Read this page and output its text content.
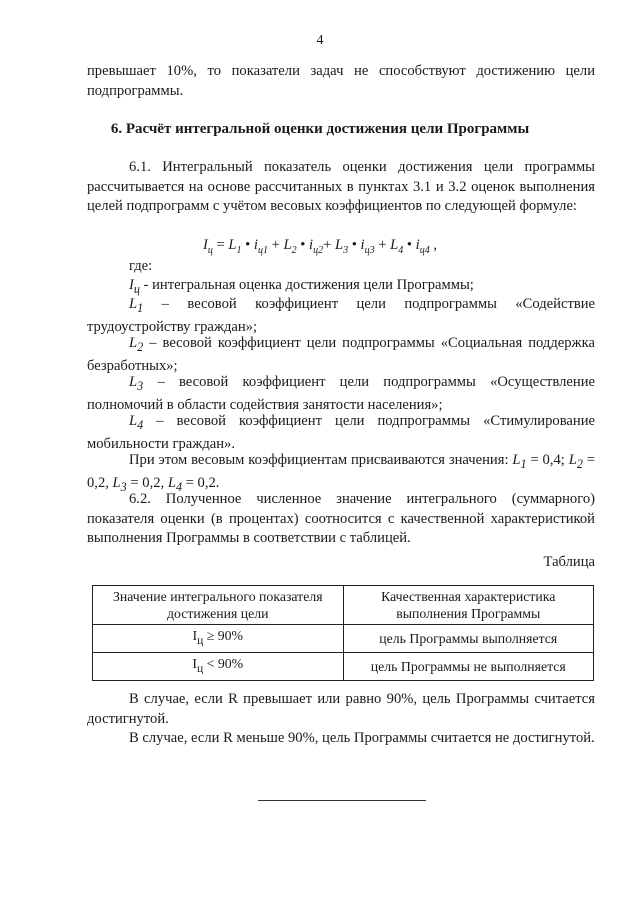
4
превышает 10%, то показатели задач не способствуют достижению цели подпрограммы.
6. Расчёт интегральной оценки достижения цели Программы
6.1. Интегральный показатель оценки достижения цели программы рассчитывается на основе рассчитанных в пунктах 3.1 и 3.2 оценок выполнения целей подпрограмм с учётом весовых коэффициентов по следующей формуле:
$I_ц = L_1$ • $i_{ц1} + L_2$ • $i_{ц2}+ L_3$ • $i_{ц3} + L_4$ • $i_{ц4}$ ,
где:
$I_ц$ - интегральная оценка достижения цели Программы;
$L_1$ – весовой коэффициент цели подпрограммы «Содействие трудоустройству граждан»;
$L_2$ – весовой коэффициент цели подпрограммы «Социальная поддержка безработных»;
$L_3$ – весовой коэффициент цели подпрограммы «Осуществление полномочий в области содействия занятости населения»;
$L_4$ – весовой коэффициент цели подпрограммы «Стимулирование мобильности граждан».
При этом весовым коэффициентам присваиваются значения: $L_1 = 0,4$; $L_2 = 0,2$, $L_3 = 0,2$, $L_4 = 0,2$.
6.2. Полученное численное значение интегрального (суммарного) показателя оценки (в процентах) соотносится с качественной характеристикой выполнения Программы в соответствии с таблицей.
Таблица
Значение интегрального показателя достижения цели	Качественная характеристика выполнения Программы
$I_ц \ge 90\%$	цель Программы выполняется
$I_ц < 90\%$	цель Программы не выполняется
В случае, если R превышает или равно 90%, цель Программы считается достигнутой.
В случае, если R меньше 90%, цель Программы считается не достигнутой.
